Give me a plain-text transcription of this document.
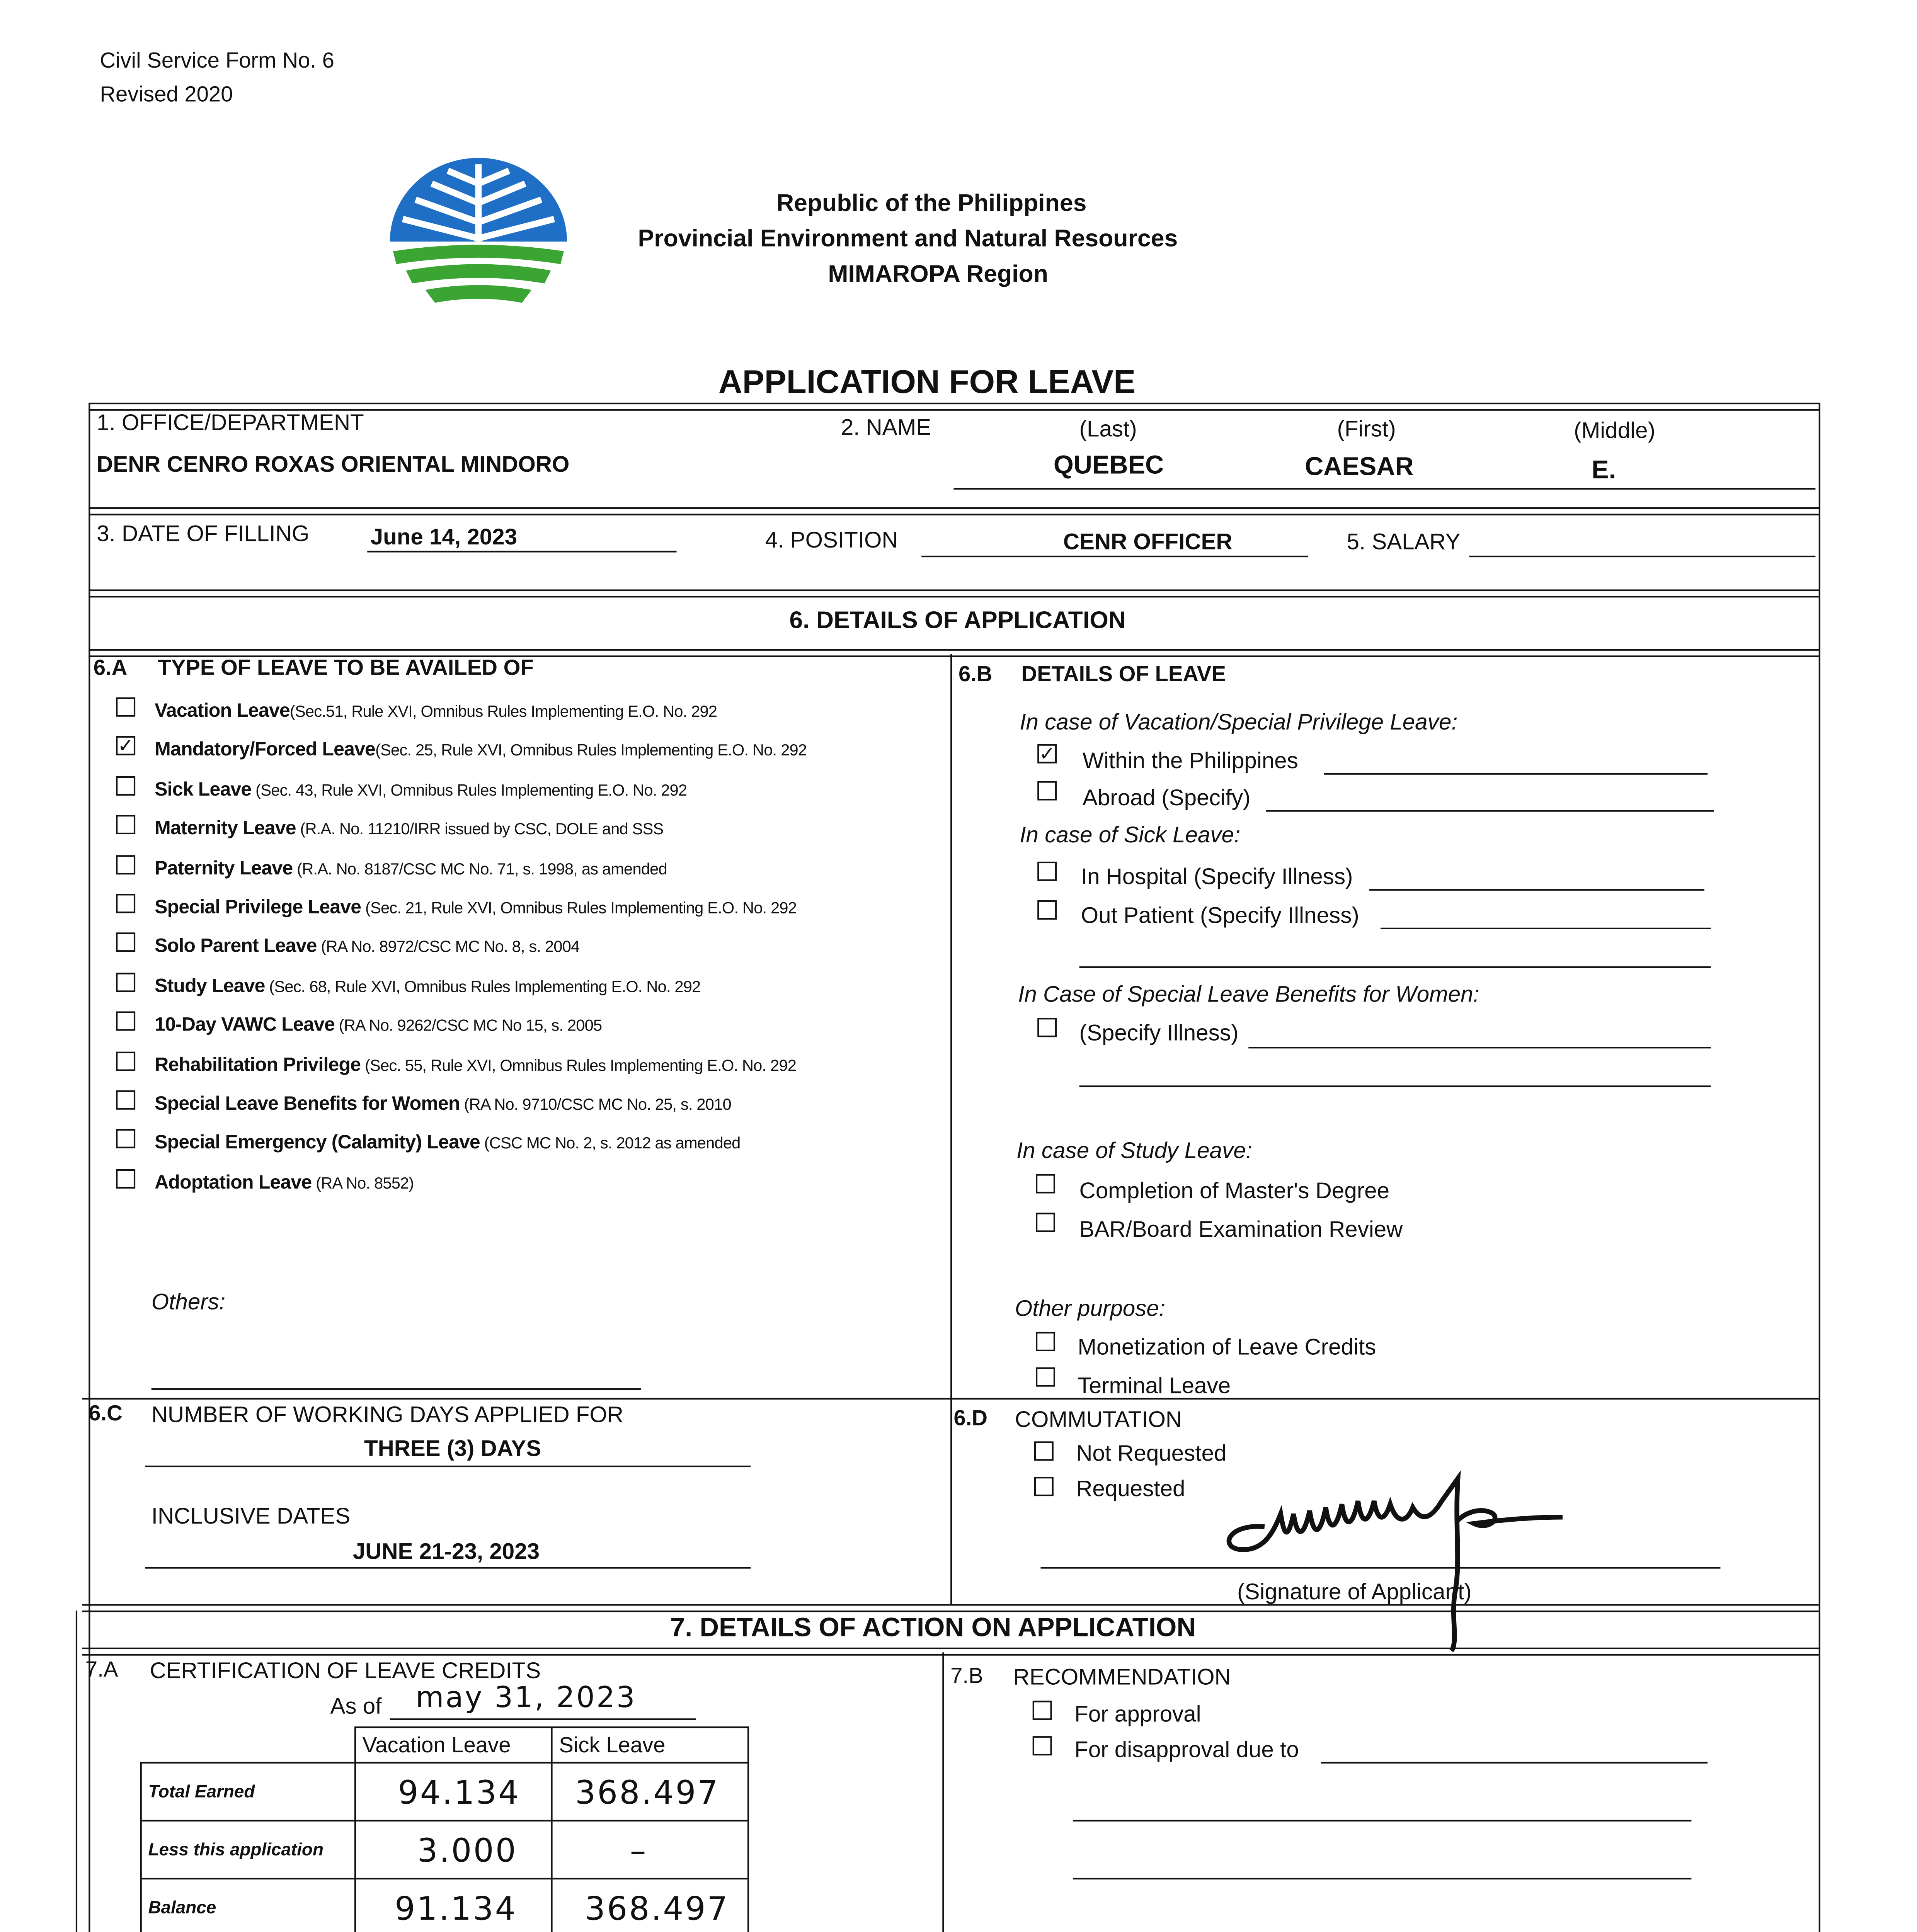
Civil Service Form No. 6
Revised 2020
Republic of the Philippines
Provincial Environment and Natural Resources
MIMAROPA Region
APPLICATION FOR LEAVE
1. OFFICE/DEPARTMENT
DENR CENRO ROXAS ORIENTAL MINDORO
2. NAME	(Last)	(First)	(Middle)
QUEBEC	CAESAR	E.
3. DATE OF FILLING	June 14, 2023	4. POSITION	CENR OFFICER	5. SALARY
6. DETAILS OF APPLICATION
6.A	TYPE OF LEAVE TO BE AVAILED OF
Vacation Leave(Sec.51, Rule XVI, Omnibus Rules Implementing E.O. No. 292
✓	Mandatory/Forced Leave(Sec. 25, Rule XVI, Omnibus Rules Implementing E.O. No. 292
Sick Leave (Sec. 43, Rule XVI, Omnibus Rules Implementing E.O. No. 292
Maternity Leave (R.A. No. 11210/IRR issued by CSC, DOLE and SSS
Paternity Leave (R.A. No. 8187/CSC MC No. 71, s. 1998, as amended
Special Privilege Leave (Sec. 21, Rule XVI, Omnibus Rules Implementing E.O. No. 292
Solo Parent Leave (RA No. 8972/CSC MC No. 8, s. 2004
Study Leave (Sec. 68, Rule XVI, Omnibus Rules Implementing E.O. No. 292
10-Day VAWC Leave (RA No. 9262/CSC MC No 15, s. 2005
Rehabilitation Privilege (Sec. 55, Rule XVI, Omnibus Rules Implementing E.O. No. 292
Special Leave Benefits for Women (RA No. 9710/CSC MC No. 25, s. 2010
Special Emergency (Calamity) Leave (CSC MC No. 2, s. 2012 as amended
Adoptation Leave (RA No. 8552)
Others:
6.B	DETAILS OF LEAVE
In case of Vacation/Special Privilege Leave:
✓	Within the Philippines
Abroad (Specify)
In case of Sick Leave:
In Hospital (Specify Illness)
Out Patient (Specify Illness)
In Case of Special Leave Benefits for Women:
(Specify Illness)
In case of Study Leave:
Completion of Master's Degree
BAR/Board Examination Review
Other purpose:
Monetization of Leave Credits
Terminal Leave
6.C	NUMBER OF WORKING DAYS APPLIED FOR
THREE (3) DAYS
INCLUSIVE DATES
JUNE 21-23, 2023
6.D	COMMUTATION
Not Requested
Requested
(Signature of Applicant)
7. DETAILS OF ACTION ON APPLICATION
7.A	CERTIFICATION OF LEAVE CREDITS
As of	may 31, 2023
	Vacation Leave	Sick Leave
Total Earned	94.134	368.497
Less this application	3.000	–
Balance	91.134	368.497
7.B	RECOMMENDATION
For approval
For disapproval due to
